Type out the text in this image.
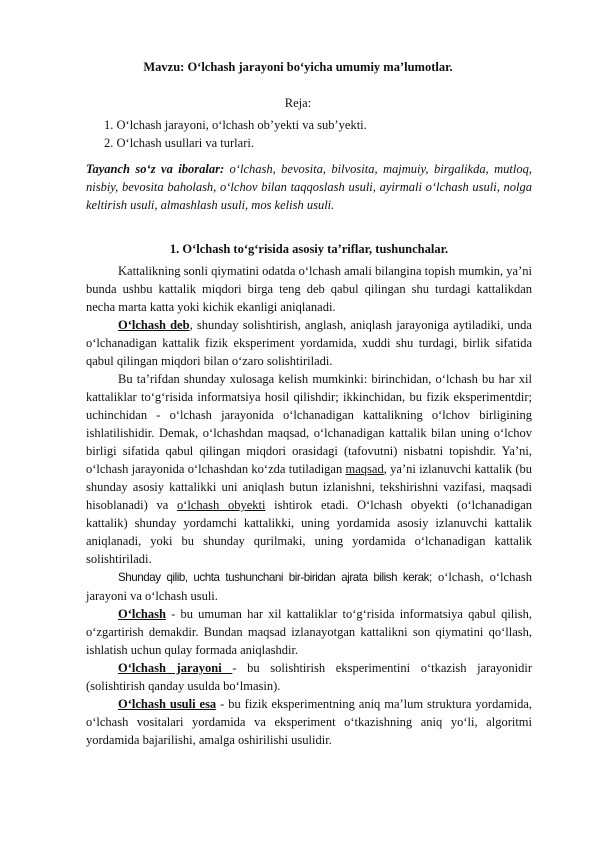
Mavzu: O‘lchash jarayoni bo‘yicha umumiy ma’lumotlar.
Reja:
1. O‘lchash jarayoni, o‘lchash ob’yekti va sub’yekti.
2. O‘lchash usullari va turlari.
Tayanch so‘z va iboralar: o‘lchash, bevosita, bilvosita, majmuiy, birgalikda, mutloq, nisbiy, bevosita baholash, o‘lchov bilan taqqoslash usuli, ayirmali o‘lchash usuli, nolga keltirish usuli, almashlash usuli, mos kelish usuli.
1. O‘lchash to‘g‘risida asosiy ta’riflar, tushunchalar.

Kattalikning sonli qiymatini odatda o‘lchash amali bilangina topish mumkin, ya’ni bunda ushbu kattalik miqdori birga teng deb qabul qilingan shu turdagi kattalikdan necha marta katta yoki kichik ekanligi aniqlanadi.

O‘lchash deb, shunday solishtirish, anglash, aniqlash jarayoniga aytiladiki, unda o‘lchanadigan kattalik fizik eksperiment yordamida, xuddi shu turdagi, birlik sifatida qabul qilingan miqdori bilan o‘zaro solishtiriladi.

Bu ta’rifdan shunday xulosaga kelish mumkinki: birinchidan, o‘lchash bu har xil kattaliklar to‘g‘risida informatsiya hosil qilishdir; ikkinchidan, bu fizik eksperimentdir; uchinchidan - o‘lchash jarayonida o‘lchanadigan kattalikning o‘lchov birligining ishlatilishidir. Demak, o‘lchashdan maqsad, o‘lchanadigan kattalik bilan uning o‘lchov birligi sifatida qabul qilingan miqdori orasidagi (tafovutni) nisbatni topishdir. Ya’ni, o‘lchash jarayonida o‘lchashdan ko‘zda tutiladigan maqsad, ya’ni izlanuvchi kattalik (bu shunday asosiy kattalikki uni aniqlash butun izlanishni, tekshirishni vazifasi, maqsadi hisoblanadi) va o‘lchash obyekti ishtirok etadi. O‘lchash obyekti (o‘lchanadigan kattalik) shunday yordamchi kattalikki, uning yordamida asosiy izlanuvchi kattalik aniqlanadi, yoki bu shunday qurilmaki, uning yordamida o‘lchanadigan kattalik solishtiriladi.

Shunday qilib, uchta tushunchani bir-biridan ajrata bilish kerak; o‘lchash, o‘lchash jarayoni va o‘lchash usuli.

O‘lchash - bu umuman har xil kattaliklar to‘g‘risida informatsiya qabul qilish, o‘zgartirish demakdir. Bundan maqsad izlanayotgan kattalikni son qiymatini qo‘llash, ishlatish uchun qulay formada aniqlashdir.

O‘lchash jarayoni - bu solishtirish eksperimentini o‘tkazish jarayonidir (solishtirish qanday usulda bo‘lmasin).

O‘lchash usuli esa - bu fizik eksperimentning aniq ma’lum struktura yordamida, o‘lchash vositalari yordamida va eksperiment o‘tkazishning aniq yo‘li, algoritmi yordamida bajarilishi, amalga oshirilishi usulidir.
